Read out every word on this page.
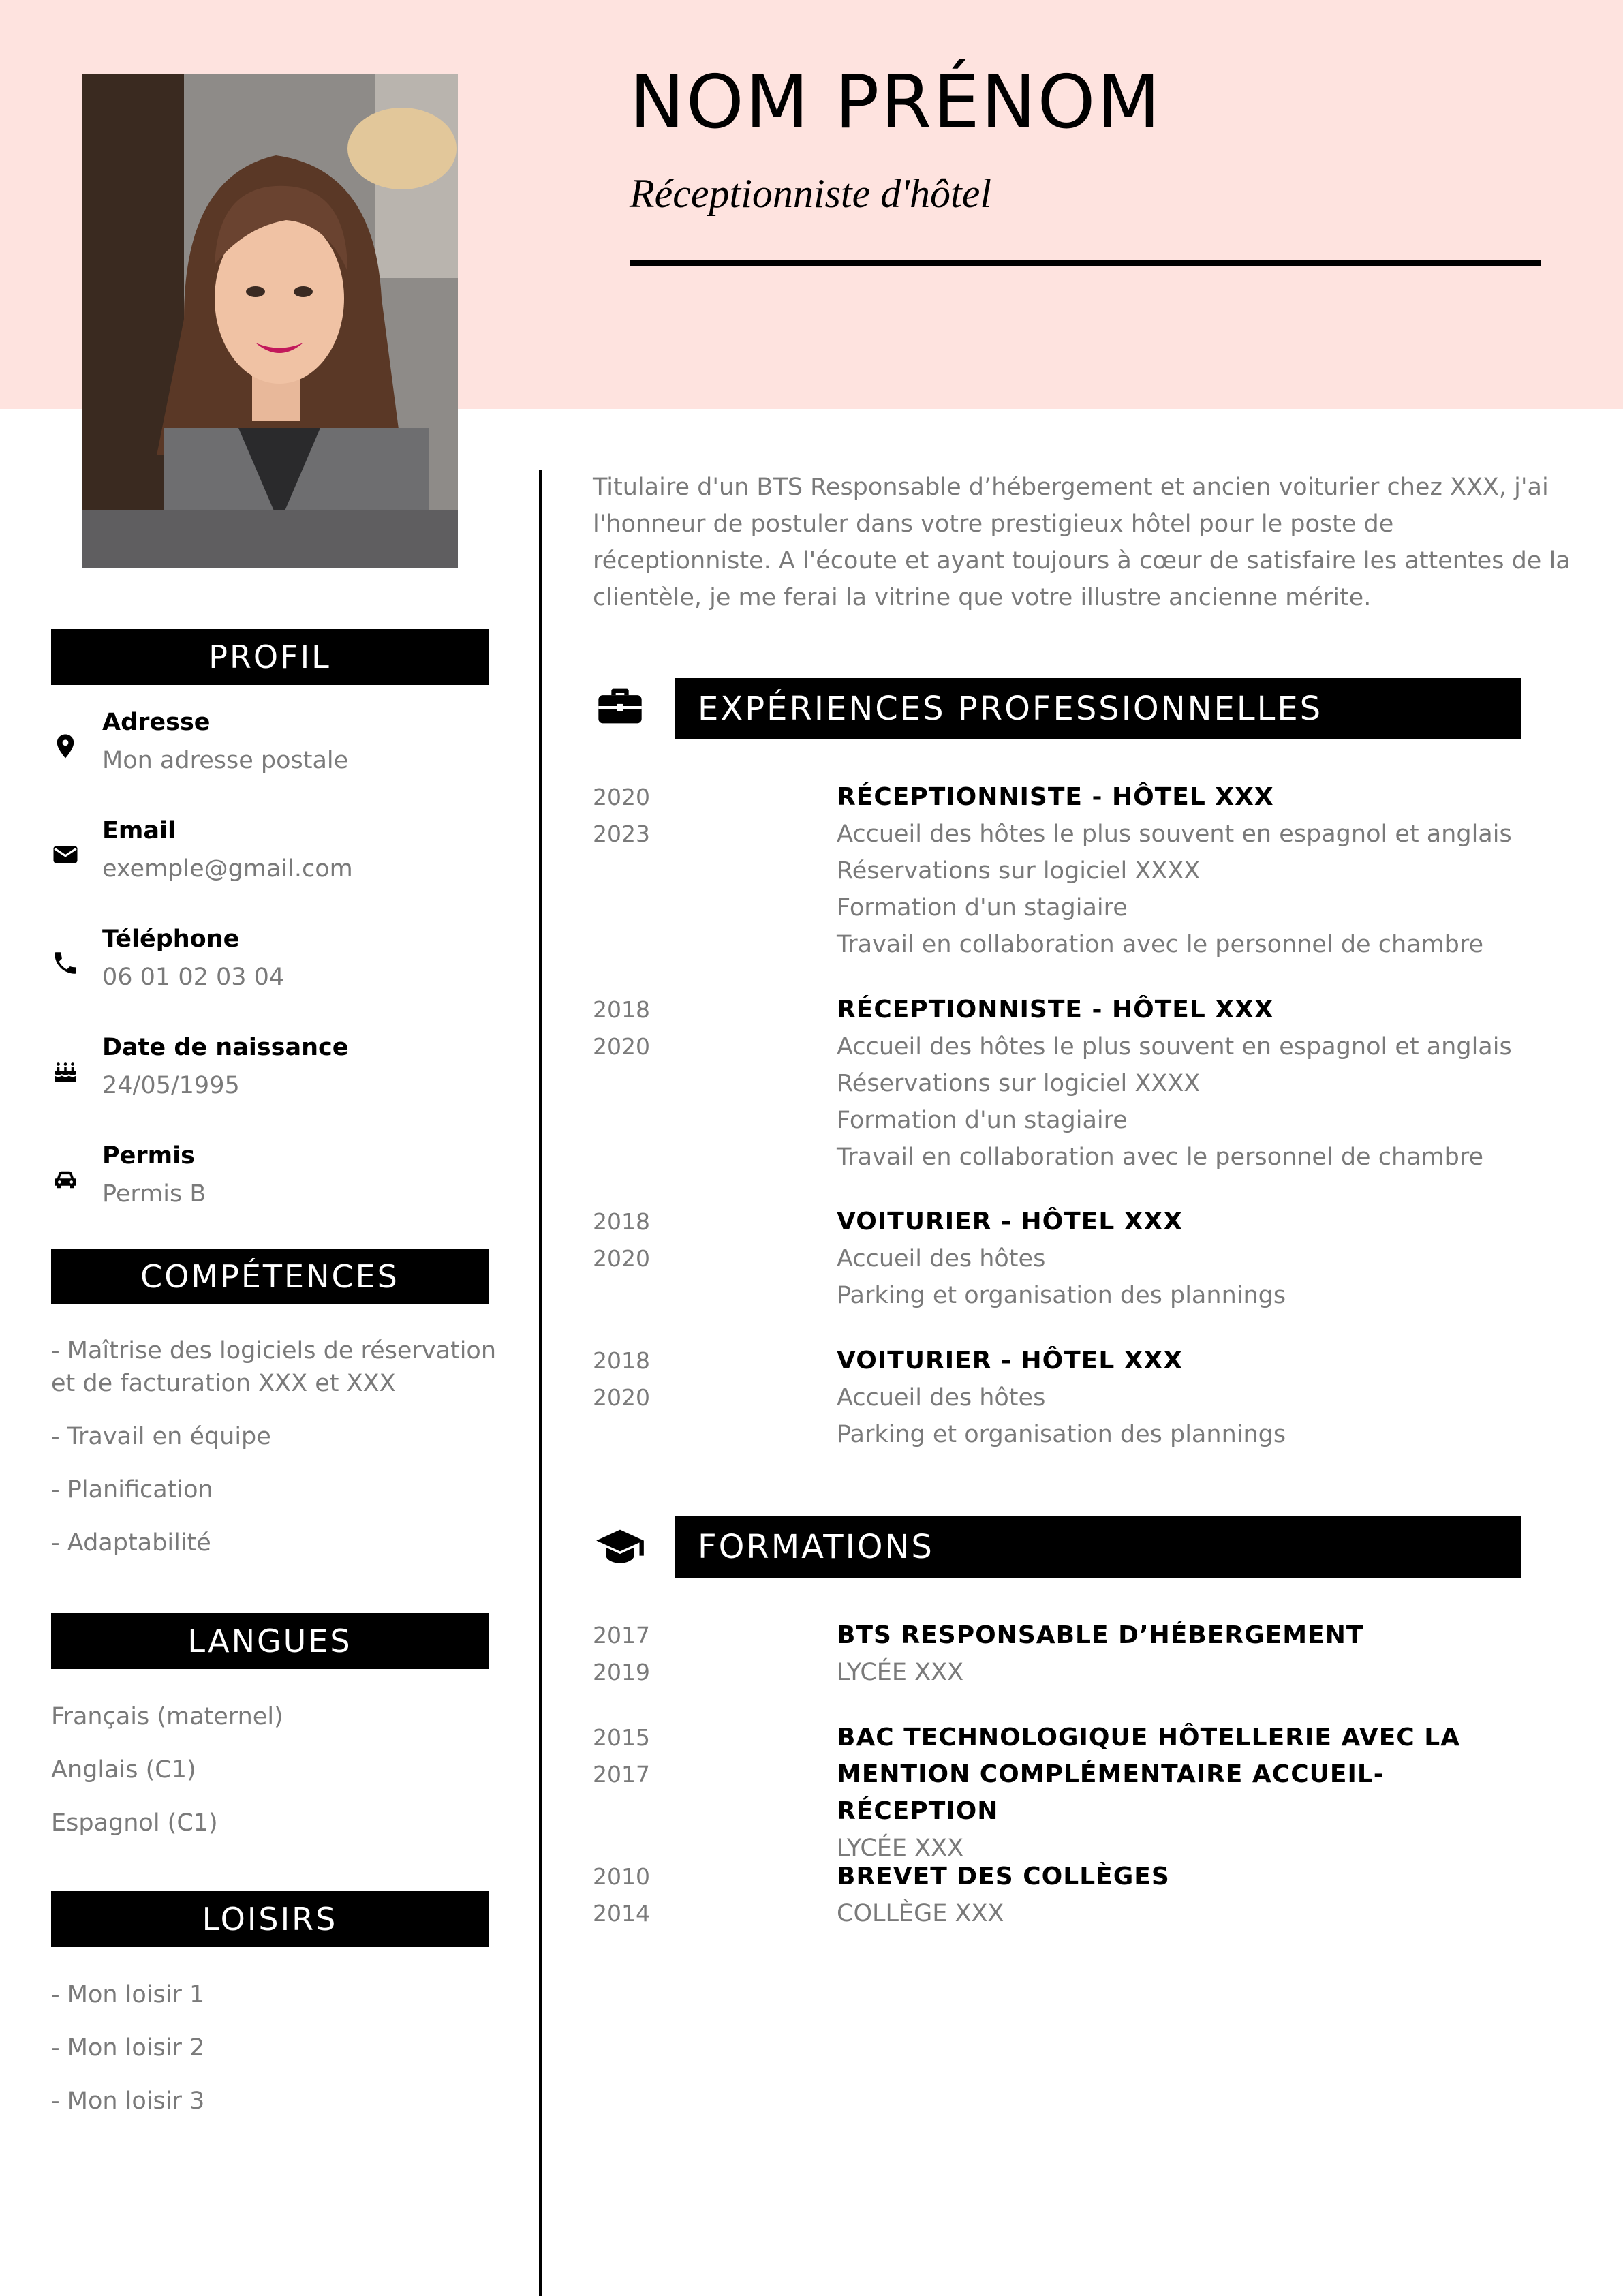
NOM PRÉNOM
Réceptionniste d'hôtel
PROFIL
Adresse
Mon adresse postale
Email
exemple@gmail.com
Téléphone
06 01 02 03 04
Date de naissance
24/05/1995
Permis
Permis B
COMPÉTENCES
- Maîtrise des logiciels de réservation et de facturation XXX et XXX
- Travail en équipe
- Planification
- Adaptabilité
LANGUES
Français (maternel)
Anglais (C1)
Espagnol (C1)
LOISIRS
- Mon loisir 1
- Mon loisir 2
- Mon loisir 3
Titulaire d'un BTS Responsable d’hébergement et ancien voiturier chez XXX, j'ai l'honneur de postuler dans votre prestigieux hôtel pour le poste de réceptionniste. A l'écoute et ayant toujours à cœur de satisfaire les attentes de la clientèle, je me ferai la vitrine que votre illustre ancienne mérite.
EXPÉRIENCES PROFESSIONNELLES
2020
2023
RÉCEPTIONNISTE - HÔTEL XXX
Accueil des hôtes le plus souvent en espagnol et anglais
Réservations sur logiciel XXXX
Formation d'un stagiaire
Travail en collaboration avec le personnel de chambre
2018
2020
RÉCEPTIONNISTE - HÔTEL XXX
Accueil des hôtes le plus souvent en espagnol et anglais
Réservations sur logiciel XXXX
Formation d'un stagiaire
Travail en collaboration avec le personnel de chambre
2018
2020
VOITURIER - HÔTEL XXX
Accueil des hôtes
Parking et organisation des plannings
2018
2020
VOITURIER - HÔTEL XXX
Accueil des hôtes
Parking et organisation des plannings
FORMATIONS
2017
2019
BTS RESPONSABLE D’HÉBERGEMENT
LYCÉE XXX
2015
2017
BAC TECHNOLOGIQUE HÔTELLERIE AVEC LA MENTION COMPLÉMENTAIRE ACCUEIL-RÉCEPTION
LYCÉE XXX
2010
2014
BREVET DES COLLÈGES
COLLÈGE XXX
